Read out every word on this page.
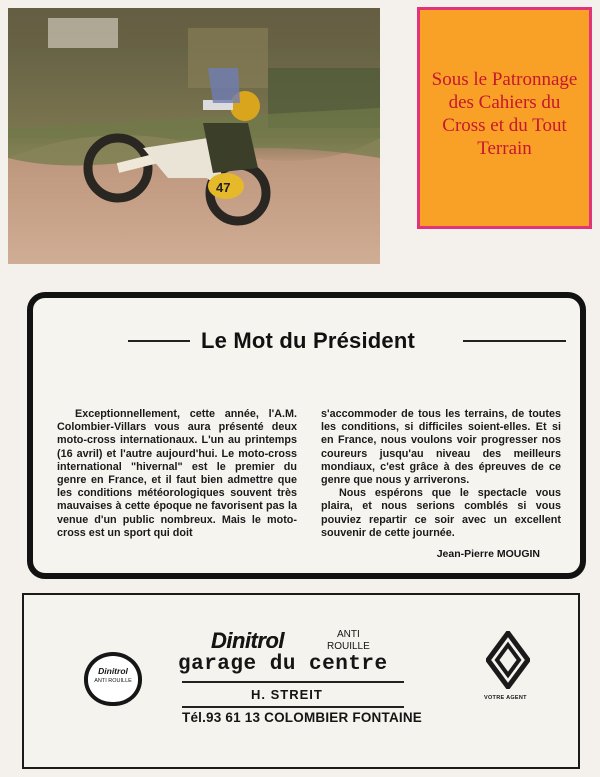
47
Sous le Patronnage des Cahiers du Cross et du Tout Terrain
Le Mot du Président

Exceptionnellement, cette année, l'A.M. Colombier-Villars vous aura présenté deux moto-cross internationaux. L'un au printemps (16 avril) et l'autre aujourd'hui. Le moto-cross international "hivernal" est le premier du genre en France, et il faut bien admettre que les conditions météorologiques souvent très mauvaises à cette époque ne favorisent pas la venue d'un public nombreux. Mais le moto-cross est un sport qui doit

s'accommoder de tous les terrains, de toutes les conditions, si difficiles soient-elles. Et si en France, nous voulons voir progresser nos coureurs jusqu'au niveau des meilleurs mondiaux, c'est grâce à des épreuves de ce genre que nous y arriverons.

Nous espérons que le spectacle vous plaira, et nous serions comblés si vous pouviez repartir ce soir avec un excellent souvenir de cette journée.

Jean-Pierre MOUGIN
Dinitrol
ANTI ROUILLE
Dinitrol	ANTI
ROUILLE
garage du centre
H. STREIT
Tél.93 61 13 COLOMBIER FONTAINE
VOTRE AGENT
